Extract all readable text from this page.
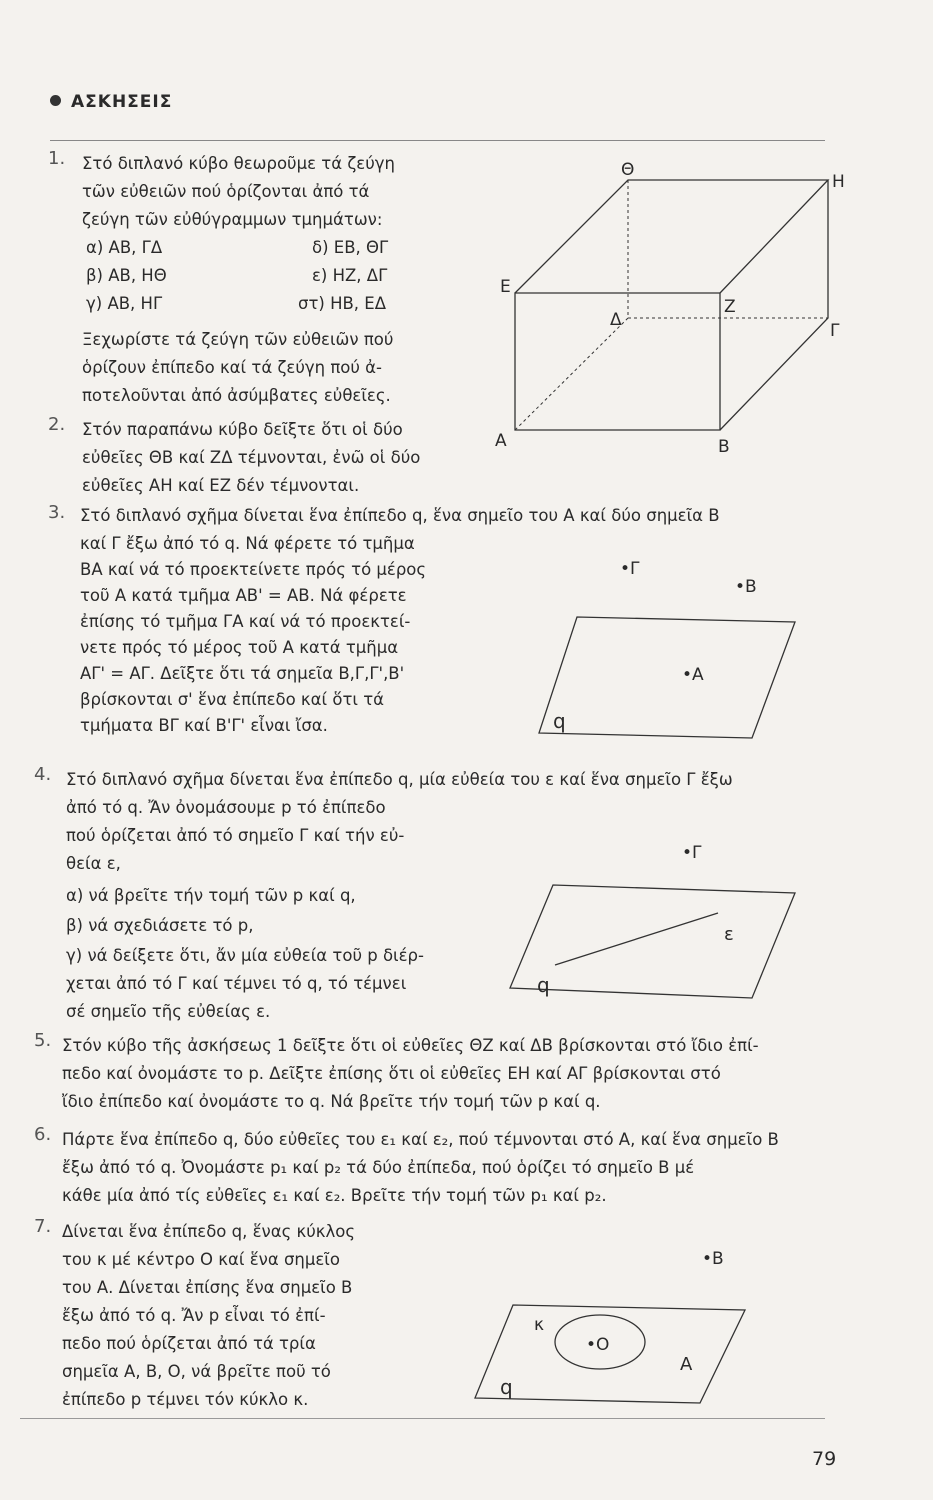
ΑΣΚΗΣΕΙΣ
1. Στό διπλανό κύβο θεωροῦμε τά ζεύγη
τῶν εὐθειῶν πού ὁρίζονται ἀπό τά
ζεύγη τῶν εὐθύγραμμων τμημάτων:
α) ΑΒ, ΓΔ
β) ΑΒ, ΗΘ
γ) ΑΒ, ΗΓ
δ) ΕΒ, ΘΓ
ε) ΗΖ, ΔΓ
στ) ΗΒ, ΕΔ
Ξεχωρίστε τά ζεύγη τῶν εὐθειῶν πού
ὁρίζουν ἐπίπεδο καί τά ζεύγη πού ἀ-
ποτελοῦνται ἀπό ἀσύμβατες εὐθεῖες.
2. Στόν παραπάνω κύβο δεῖξτε ὅτι οἱ δύο
εὐθεῖες ΘΒ καί ΖΔ τέμνονται, ἐνῶ οἱ δύο
εὐθεῖες ΑΗ καί ΕΖ δέν τέμνονται.
3. Στό διπλανό σχῆμα δίνεται ἕνα ἐπίπεδο q, ἕνα σημεῖο του Α καί δύο σημεῖα Β
καί Γ ἔξω ἀπό τό q. Νά φέρετε τό τμῆμα
ΒΑ καί νά τό προεκτείνετε πρός τό μέρος
τοῦ Α κατά τμῆμα ΑΒ' = ΑΒ. Νά φέρετε
ἐπίσης τό τμῆμα ΓΑ καί νά τό προεκτεί-
νετε πρός τό μέρος τοῦ Α κατά τμῆμα
ΑΓ' = ΑΓ. Δεῖξτε ὅτι τά σημεῖα Β,Γ,Γ',Β'
βρίσκονται σ' ἕνα ἐπίπεδο καί ὅτι τά
τμήματα ΒΓ καί Β'Γ' εἶναι ἴσα.
4. Στό διπλανό σχῆμα δίνεται ἕνα ἐπίπεδο q, μία εὐθεία του ε καί ἕνα σημεῖο Γ ἔξω
ἀπό τό q. Ἄν ὀνομάσουμε p τό ἐπίπεδο
πού ὁρίζεται ἀπό τό σημεῖο Γ καί τήν εὐ-
θεία ε,
α) νά βρεῖτε τήν τομή τῶν p καί q,
β) νά σχεδιάσετε τό p,
γ) νά δείξετε ὅτι, ἄν μία εὐθεία τοῦ p διέρ-
χεται ἀπό τό Γ καί τέμνει τό q, τό τέμνει
σέ σημεῖο τῆς εὐθείας ε.
5. Στόν κύβο τῆς ἀσκήσεως 1 δεῖξτε ὅτι οἱ εὐθεῖες ΘΖ καί ΔΒ βρίσκονται στό ἴδιο ἐπί-
πεδο καί ὀνομάστε το p. Δεῖξτε ἐπίσης ὅτι οἱ εὐθεῖες ΕΗ καί ΑΓ βρίσκονται στό
ἴδιο ἐπίπεδο καί ὀνομάστε το q. Νά βρεῖτε τήν τομή τῶν p καί q.
6. Πάρτε ἕνα ἐπίπεδο q, δύο εὐθεῖες του ε₁ καί ε₂, πού τέμνονται στό Α, καί ἕνα σημεῖο Β
ἔξω ἀπό τό q. Ὀνομάστε p₁ καί p₂ τά δύο ἐπίπεδα, πού ὁρίζει τό σημεῖο Β μέ
κάθε μία ἀπό τίς εὐθεῖες ε₁ καί ε₂. Βρεῖτε τήν τομή τῶν p₁ καί p₂.
7. Δίνεται ἕνα ἐπίπεδο q, ἕνας κύκλος
του κ μέ κέντρο Ο καί ἕνα σημεῖο
του Α. Δίνεται ἐπίσης ἕνα σημεῖο Β
ἔξω ἀπό τό q. Ἄν p εἶναι τό ἐπί-
πεδο πού ὁρίζεται ἀπό τά τρία
σημεῖα Α, Β, Ο, νά βρεῖτε ποῦ τό
ἐπίπεδο p τέμνει τόν κύκλο κ.
79
Θ
Η
Ε
Ζ
Δ
Γ
Α	Β
•Γ
•Β
•Α
q
•Γ
ε
q
•Β
κ
•Ο
Α
q
